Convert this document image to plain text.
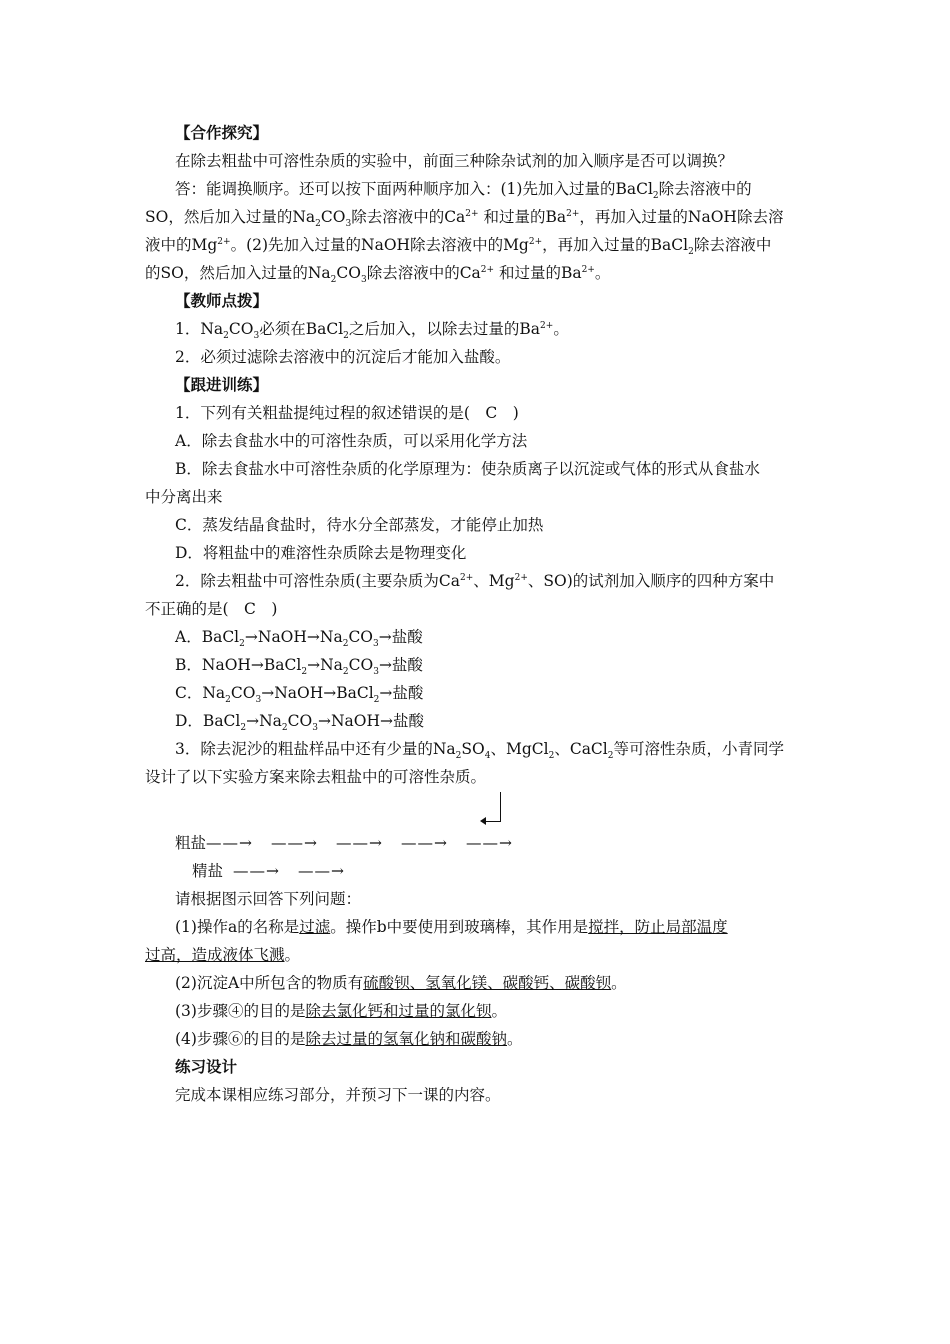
【合作探究】
在除去粗盐中可溶性杂质的实验中，前面三种除杂试剂的加入顺序是否可以调换？
答：能调换顺序。还可以按下面两种顺序加入：(1)先加入过量的BaCl$_2$除去溶液中的
SO，然后加入过量的$Na_2CO_3$除去溶液中的$Ca^{2+}$ 和过量的$Ba^{2+}$，再加入过量的NaOH除去溶
液中的$Mg^{2+}$。(2)先加入过量的NaOH除去溶液中的$Mg^{2+}$，再加入过量的BaCl$_2$除去溶液中
的SO，然后加入过量的$Na_2CO_3$除去溶液中的$Ca^{2+}$ 和过量的$Ba^{2+}$。
【教师点拨】
1．$Na_2CO_3$必须在BaCl$_2$之后加入，以除去过量的$Ba^{2+}$。
2．必须过滤除去溶液中的沉淀后才能加入盐酸。
【跟进训练】
1．下列有关粗盐提纯过程的叙述错误的是(　C　)
A．除去食盐水中的可溶性杂质，可以采用化学方法
B．除去食盐水中可溶性杂质的化学原理为：使杂质离子以沉淀或气体的形式从食盐水
中分离出来
C．蒸发结晶食盐时，待水分全部蒸发，才能停止加热
D．将粗盐中的难溶性杂质除去是物理变化
2．除去粗盐中可溶性杂质(主要杂质为$Ca^{2+}$、$Mg^{2+}$、SO)的试剂加入顺序的四种方案中
不正确的是(　C　)
A．$BaCl_2\to NaOH\to Na_2CO_3\to$盐酸
B．$NaOH\to BaCl_2\to Na_2CO_3\to$盐酸
C．$Na_2CO_3\to NaOH\to BaCl_2\to$盐酸
D．$BaCl_2\to Na_2CO_3\to NaOH\to$盐酸
3．除去泥沙的粗盐样品中还有少量的$Na_2SO_4$、MgCl$_2$、CaCl$_2$等可溶性杂质，小青同学
设计了以下实验方案来除去粗盐中的可溶性杂质。
粗盐——→ ——→ ——→ ——→ ——→
精盐 ——→ ——→
请根据图示回答下列问题：
(1)操作a的名称是过滤。操作b中要使用到玻璃棒，其作用是搅拌，防止局部温度
过高，造成液体飞溅。
(2)沉淀A中所包含的物质有硫酸钡、氢氧化镁、碳酸钙、碳酸钡。
(3)步骤④的目的是除去氯化钙和过量的氯化钡。
(4)步骤⑥的目的是除去过量的氢氧化钠和碳酸钠。
练习设计
完成本课相应练习部分，并预习下一课的内容。
